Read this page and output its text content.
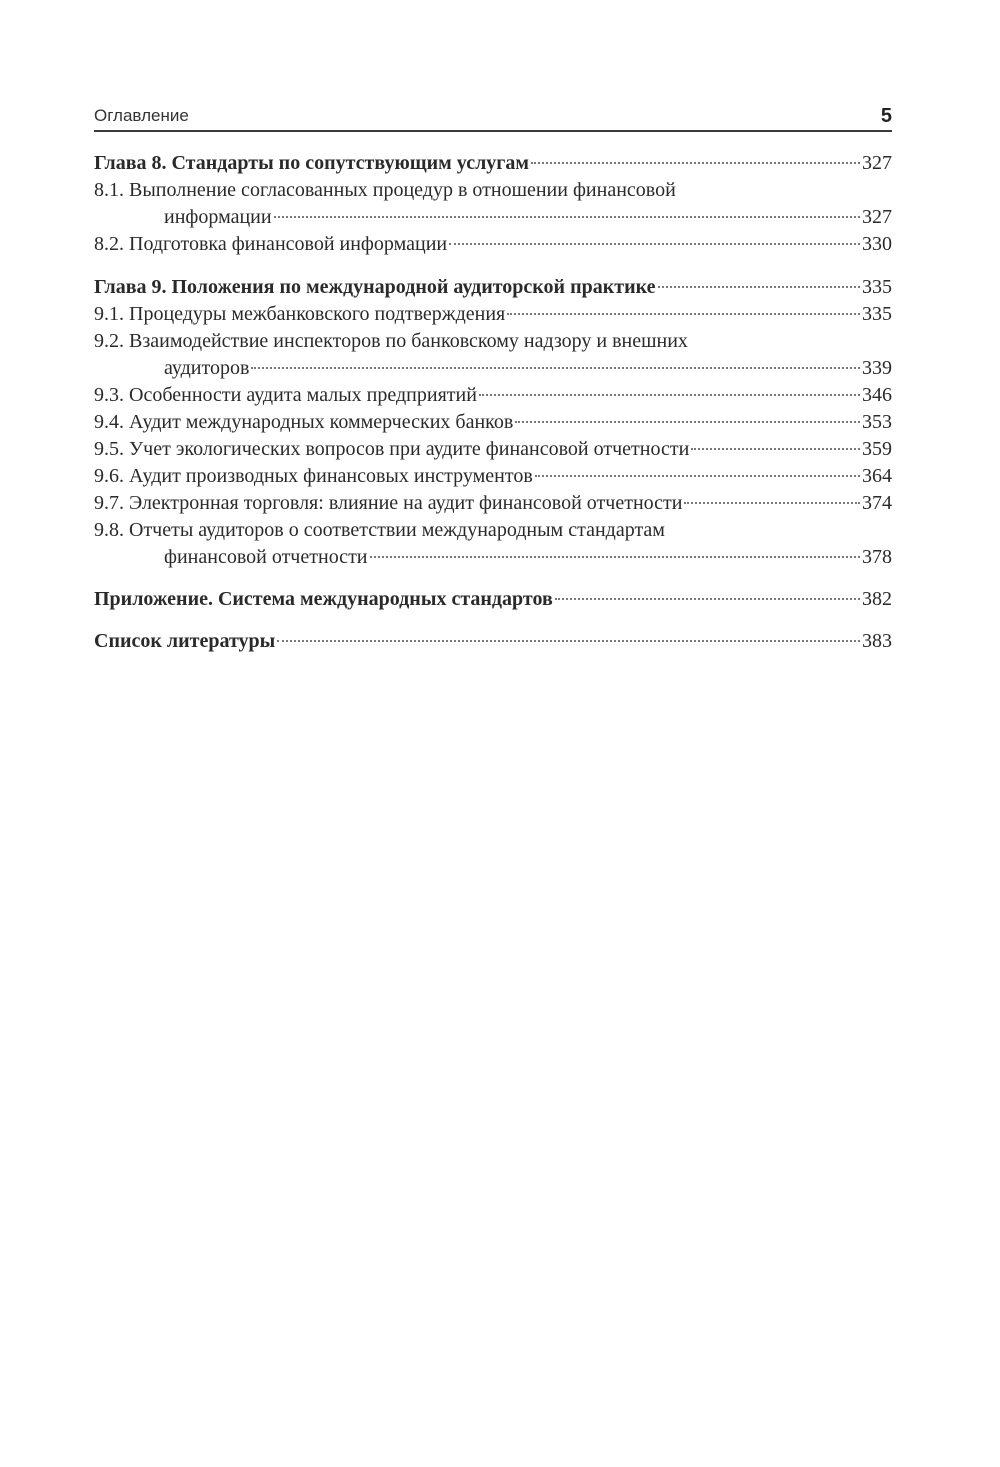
Оглавление	5
Глава 8. Стандарты по сопутствующим услугам	327
8.1. Выполнение согласованных процедур в отношении финансовой
информации	327
8.2. Подготовка финансовой информации	330
Глава 9. Положения по международной аудиторской практике	335
9.1. Процедуры межбанковского подтверждения	335
9.2. Взаимодействие инспекторов по банковскому надзору и внешних
аудиторов	339
9.3. Особенности аудита малых предприятий	346
9.4. Аудит международных коммерческих банков	353
9.5. Учет экологических вопросов при аудите финансовой отчетности	359
9.6. Аудит производных финансовых инструментов	364
9.7. Электронная торговля: влияние на аудит финансовой отчетности	374
9.8. Отчеты аудиторов о соответствии международным стандартам
финансовой отчетности	378
Приложение. Система международных стандартов	382
Список литературы	383
